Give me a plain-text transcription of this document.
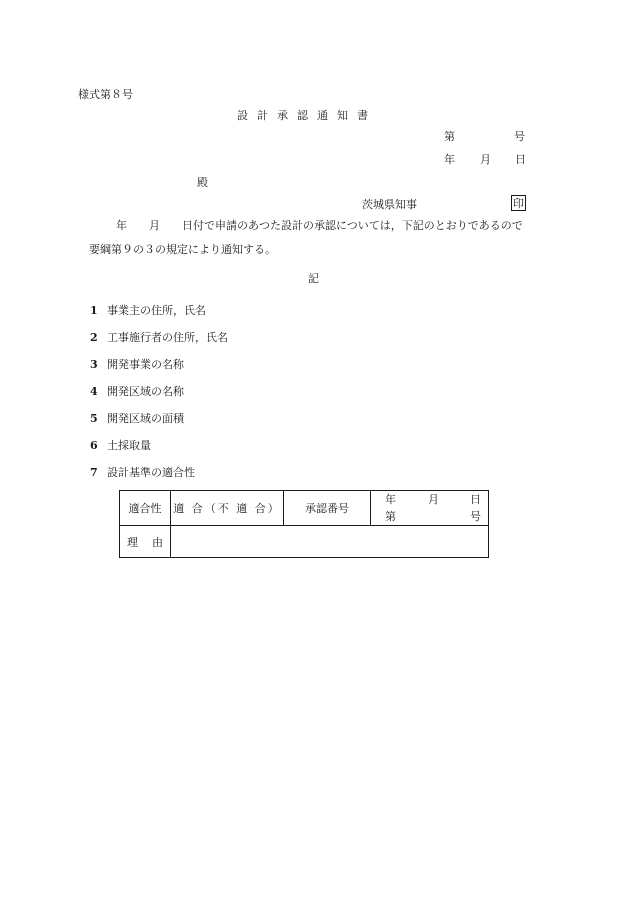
様式第８号
設計承認通知書
第	号
年 月 日
殿
茨城県知事	印
年 月 日付で申請のあつた設計の承認については，下記のとおりであるので
要綱第９の３の規定により通知する。
記
1 事業主の住所，氏名
2 工事施行者の住所，氏名
3 開発事業の名称
4 開発区域の名称
5 開発区域の面積
6 土採取量
7 設計基準の適合性
適合性	適 合（不 適 合）	承認番号	年 月 日
第 号

理 由			
